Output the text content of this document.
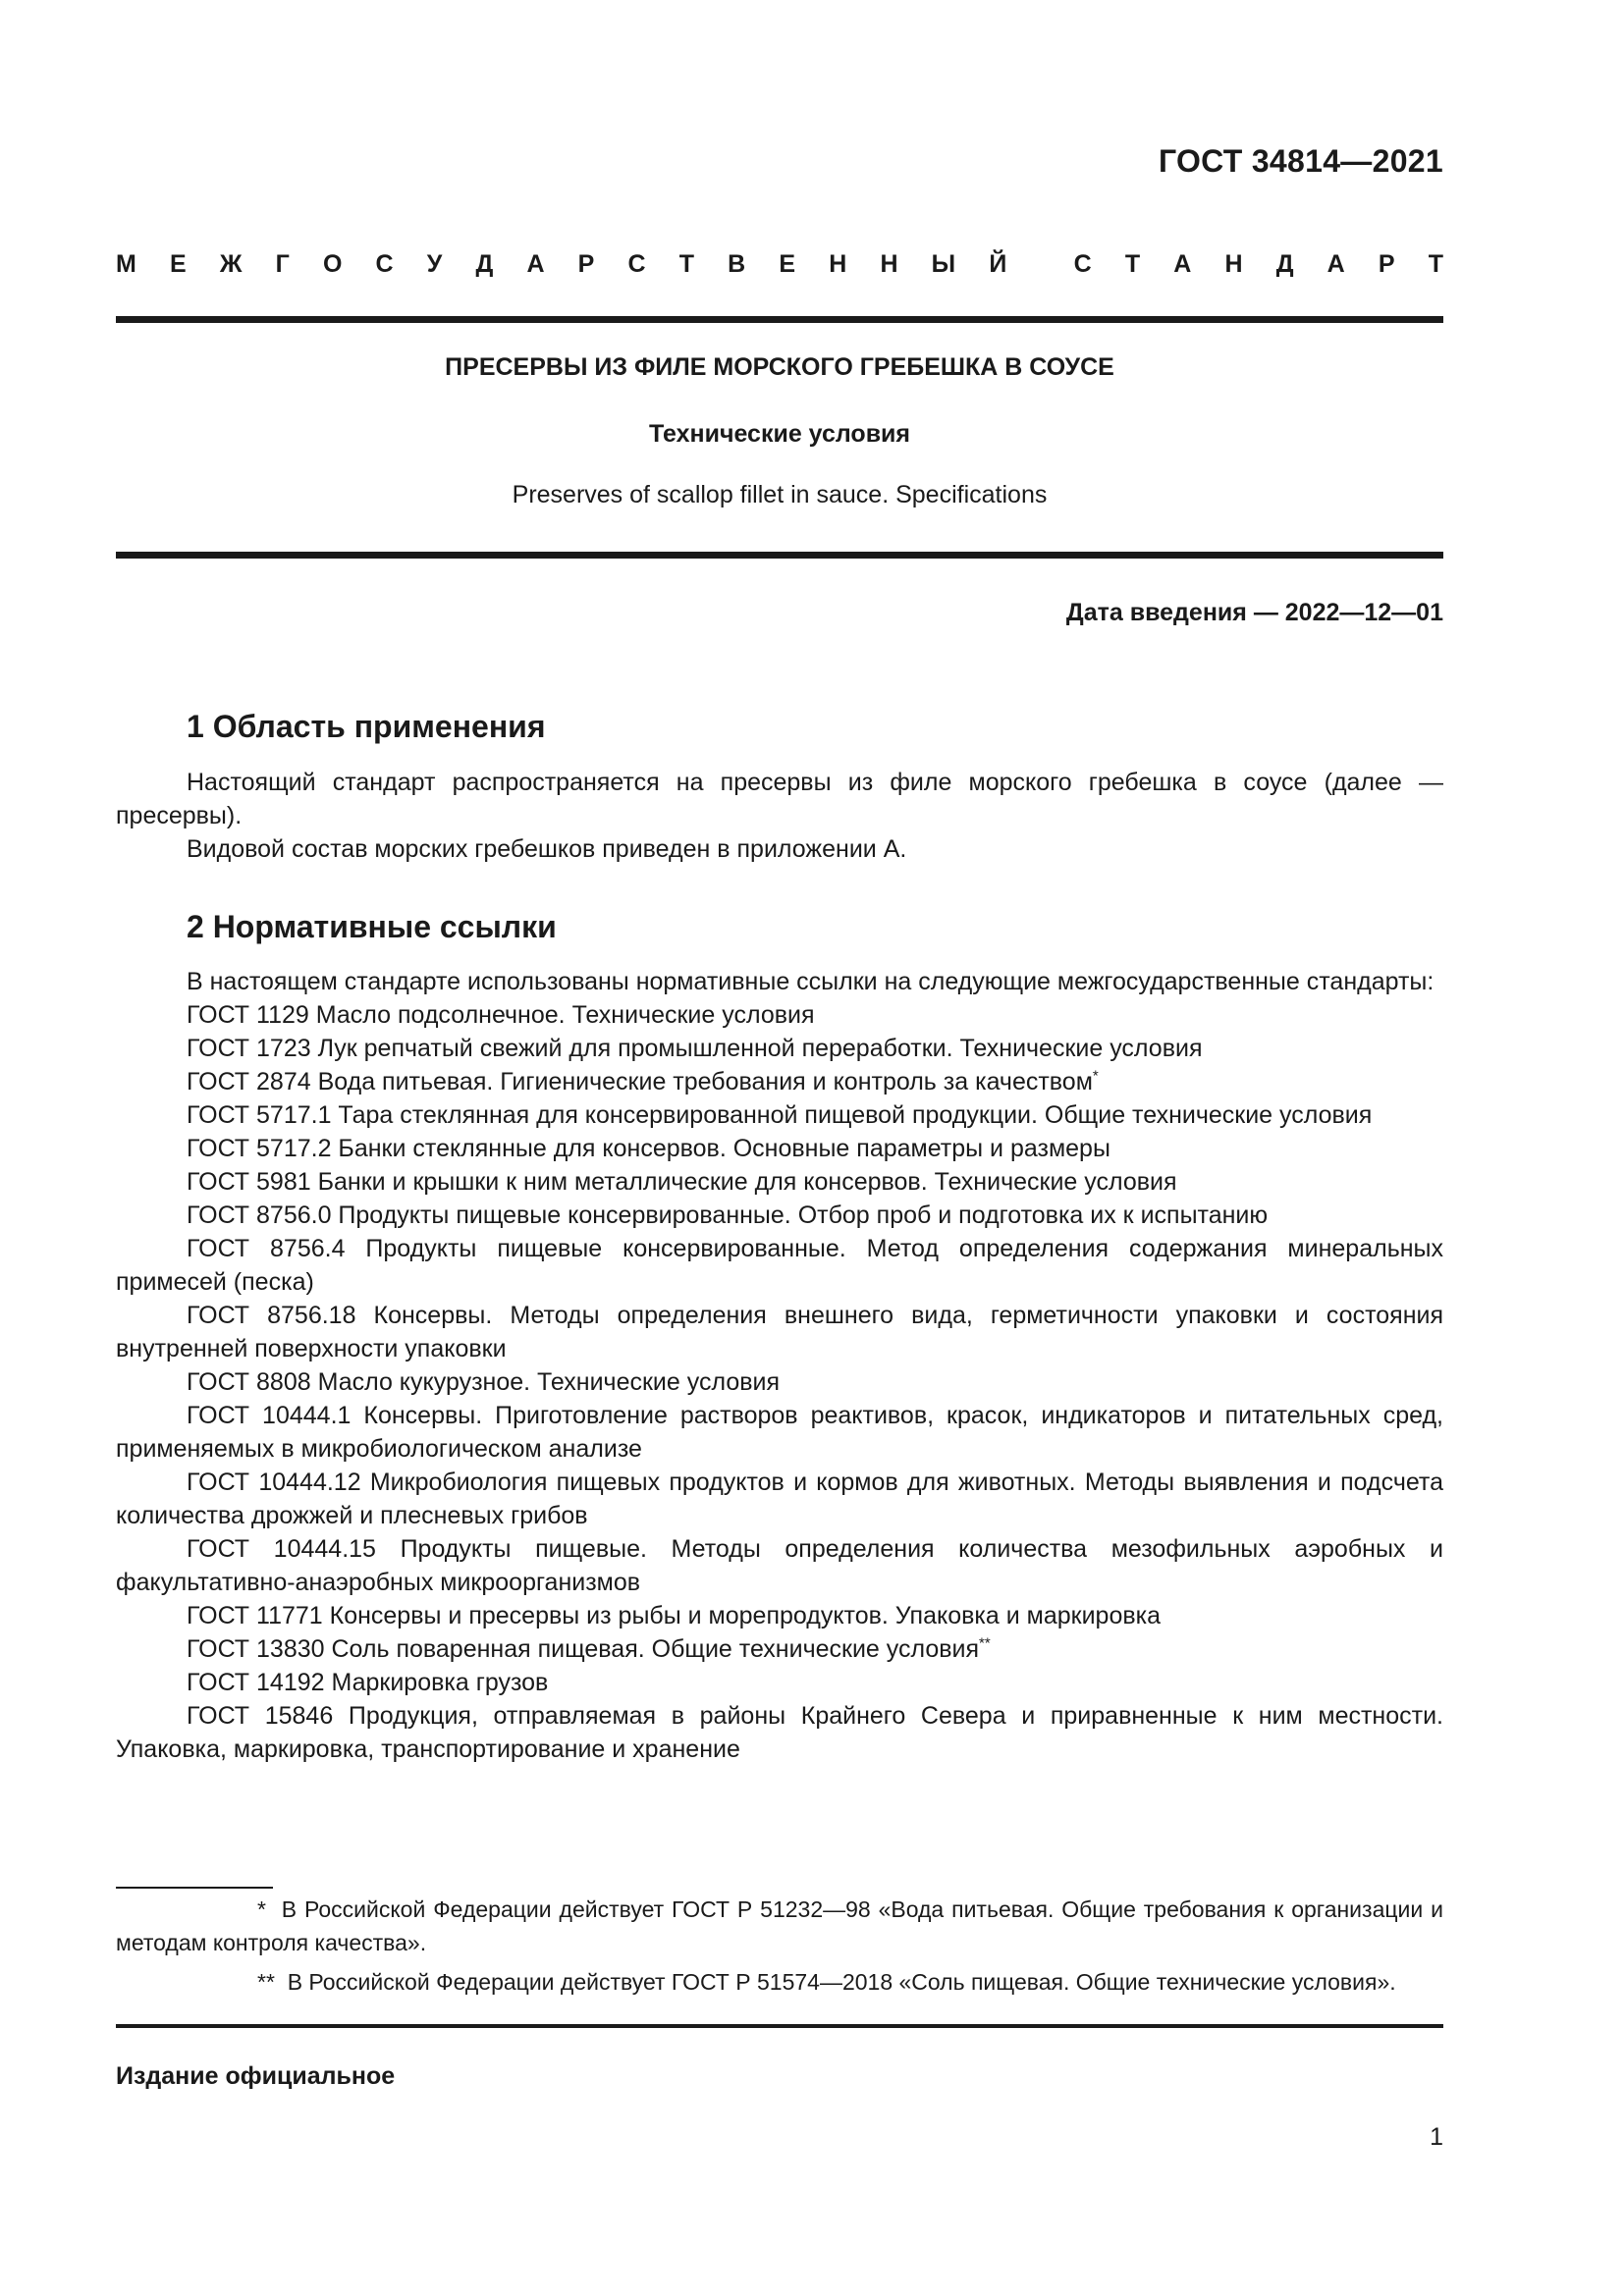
ГОСТ 34814—2021
М Е Ж Г О С У Д А Р С Т В Е Н Н Ы Й	С Т А Н Д А Р Т
ПРЕСЕРВЫ ИЗ ФИЛЕ МОРСКОГО ГРЕБЕШКА В СОУСЕ
Технические условия
Preserves of scallop fillet in sauce. Specifications
Дата введения — 2022—12—01
1 Область применения

Настоящий стандарт распространяется на пресервы из филе морского гребешка в соусе (далее — пресервы).

Видовой состав морских гребешков приведен в приложении А.

2 Нормативные ссылки

В настоящем стандарте использованы нормативные ссылки на следующие межгосударственные стандарты:

ГОСТ 1129 Масло подсолнечное. Технические условия

ГОСТ 1723 Лук репчатый свежий для промышленной переработки. Технические условия

ГОСТ 2874 Вода питьевая. Гигиенические требования и контроль за качеством*

ГОСТ 5717.1 Тара стеклянная для консервированной пищевой продукции. Общие технические условия

ГОСТ 5717.2 Банки стеклянные для консервов. Основные параметры и размеры

ГОСТ 5981 Банки и крышки к ним металлические для консервов. Технические условия

ГОСТ 8756.0 Продукты пищевые консервированные. Отбор проб и подготовка их к испытанию

ГОСТ 8756.4 Продукты пищевые консервированные. Метод определения содержания минеральных примесей (песка)

ГОСТ 8756.18 Консервы. Методы определения внешнего вида, герметичности упаковки и состояния внутренней поверхности упаковки

ГОСТ 8808 Масло кукурузное. Технические условия

ГОСТ 10444.1 Консервы. Приготовление растворов реактивов, красок, индикаторов и питательных сред, применяемых в микробиологическом анализе

ГОСТ 10444.12 Микробиология пищевых продуктов и кормов для животных. Методы выявления и подсчета количества дрожжей и плесневых грибов

ГОСТ 10444.15 Продукты пищевые. Методы определения количества мезофильных аэробных и факультативно-анаэробных микроорганизмов

ГОСТ 11771 Консервы и пресервы из рыбы и морепродуктов. Упаковка и маркировка

ГОСТ 13830 Соль поваренная пищевая. Общие технические условия**

ГОСТ 14192 Маркировка грузов

ГОСТ 15846 Продукция, отправляемая в районы Крайнего Севера и приравненные к ним местности. Упаковка, маркировка, транспортирование и хранение

* В Российской Федерации действует ГОСТ Р 51232—98 «Вода питьевая. Общие требования к организации и методам контроля качества».

** В Российской Федерации действует ГОСТ Р 51574—2018 «Соль пищевая. Общие технические условия».

Издание официальное
1
